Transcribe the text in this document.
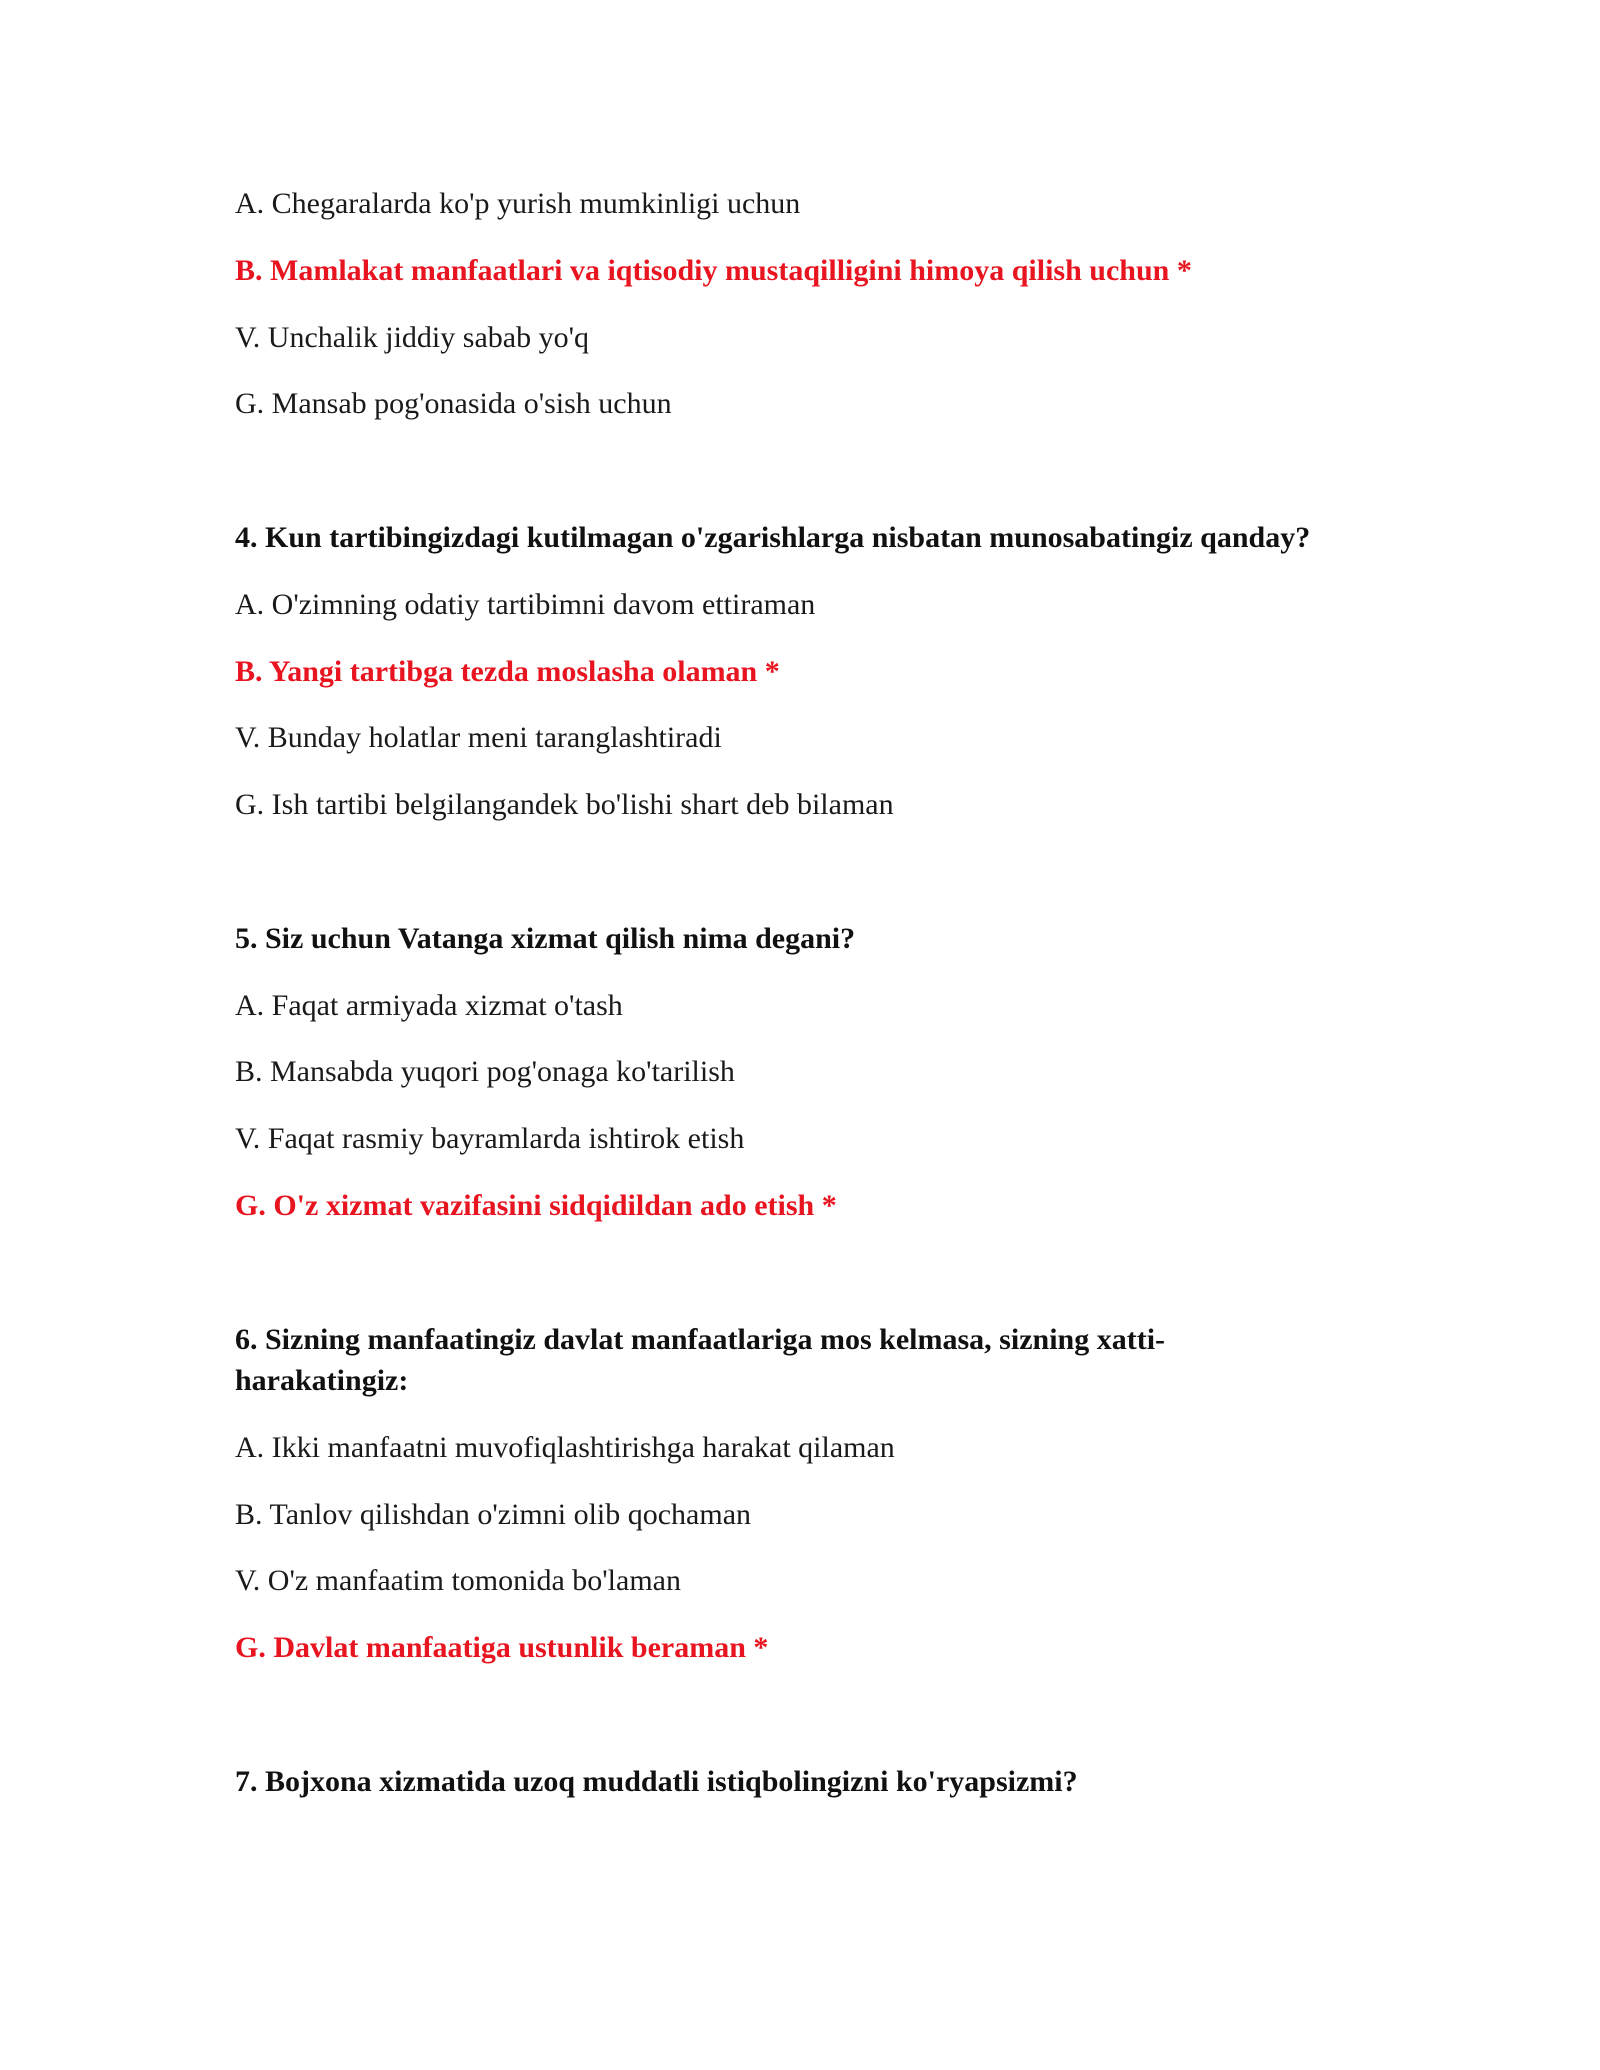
A. Chegaralarda ko'p yurish mumkinligi uchun

B. Mamlakat manfaatlari va iqtisodiy mustaqilligini himoya qilish uchun *

V. Unchalik jiddiy sabab yo'q

G. Mansab pog'onasida o'sish uchun

4. Kun tartibingizdagi kutilmagan o'zgarishlarga nisbatan munosabatingiz qanday?

A. O'zimning odatiy tartibimni davom ettiraman

B. Yangi tartibga tezda moslasha olaman *

V. Bunday holatlar meni taranglashtiradi

G. Ish tartibi belgilangandek bo'lishi shart deb bilaman

5. Siz uchun Vatanga xizmat qilish nima degani?

A. Faqat armiyada xizmat o'tash

B. Mansabda yuqori pog'onaga ko'tarilish

V. Faqat rasmiy bayramlarda ishtirok etish

G. O'z xizmat vazifasini sidqidildan ado etish *

6. Sizning manfaatingiz davlat manfaatlariga mos kelmasa, sizning xatti-

harakatingiz:

A. Ikki manfaatni muvofiqlashtirishga harakat qilaman

B. Tanlov qilishdan o'zimni olib qochaman

V. O'z manfaatim tomonida bo'laman

G. Davlat manfaatiga ustunlik beraman *

7. Bojxona xizmatida uzoq muddatli istiqbolingizni ko'ryapsizmi?
